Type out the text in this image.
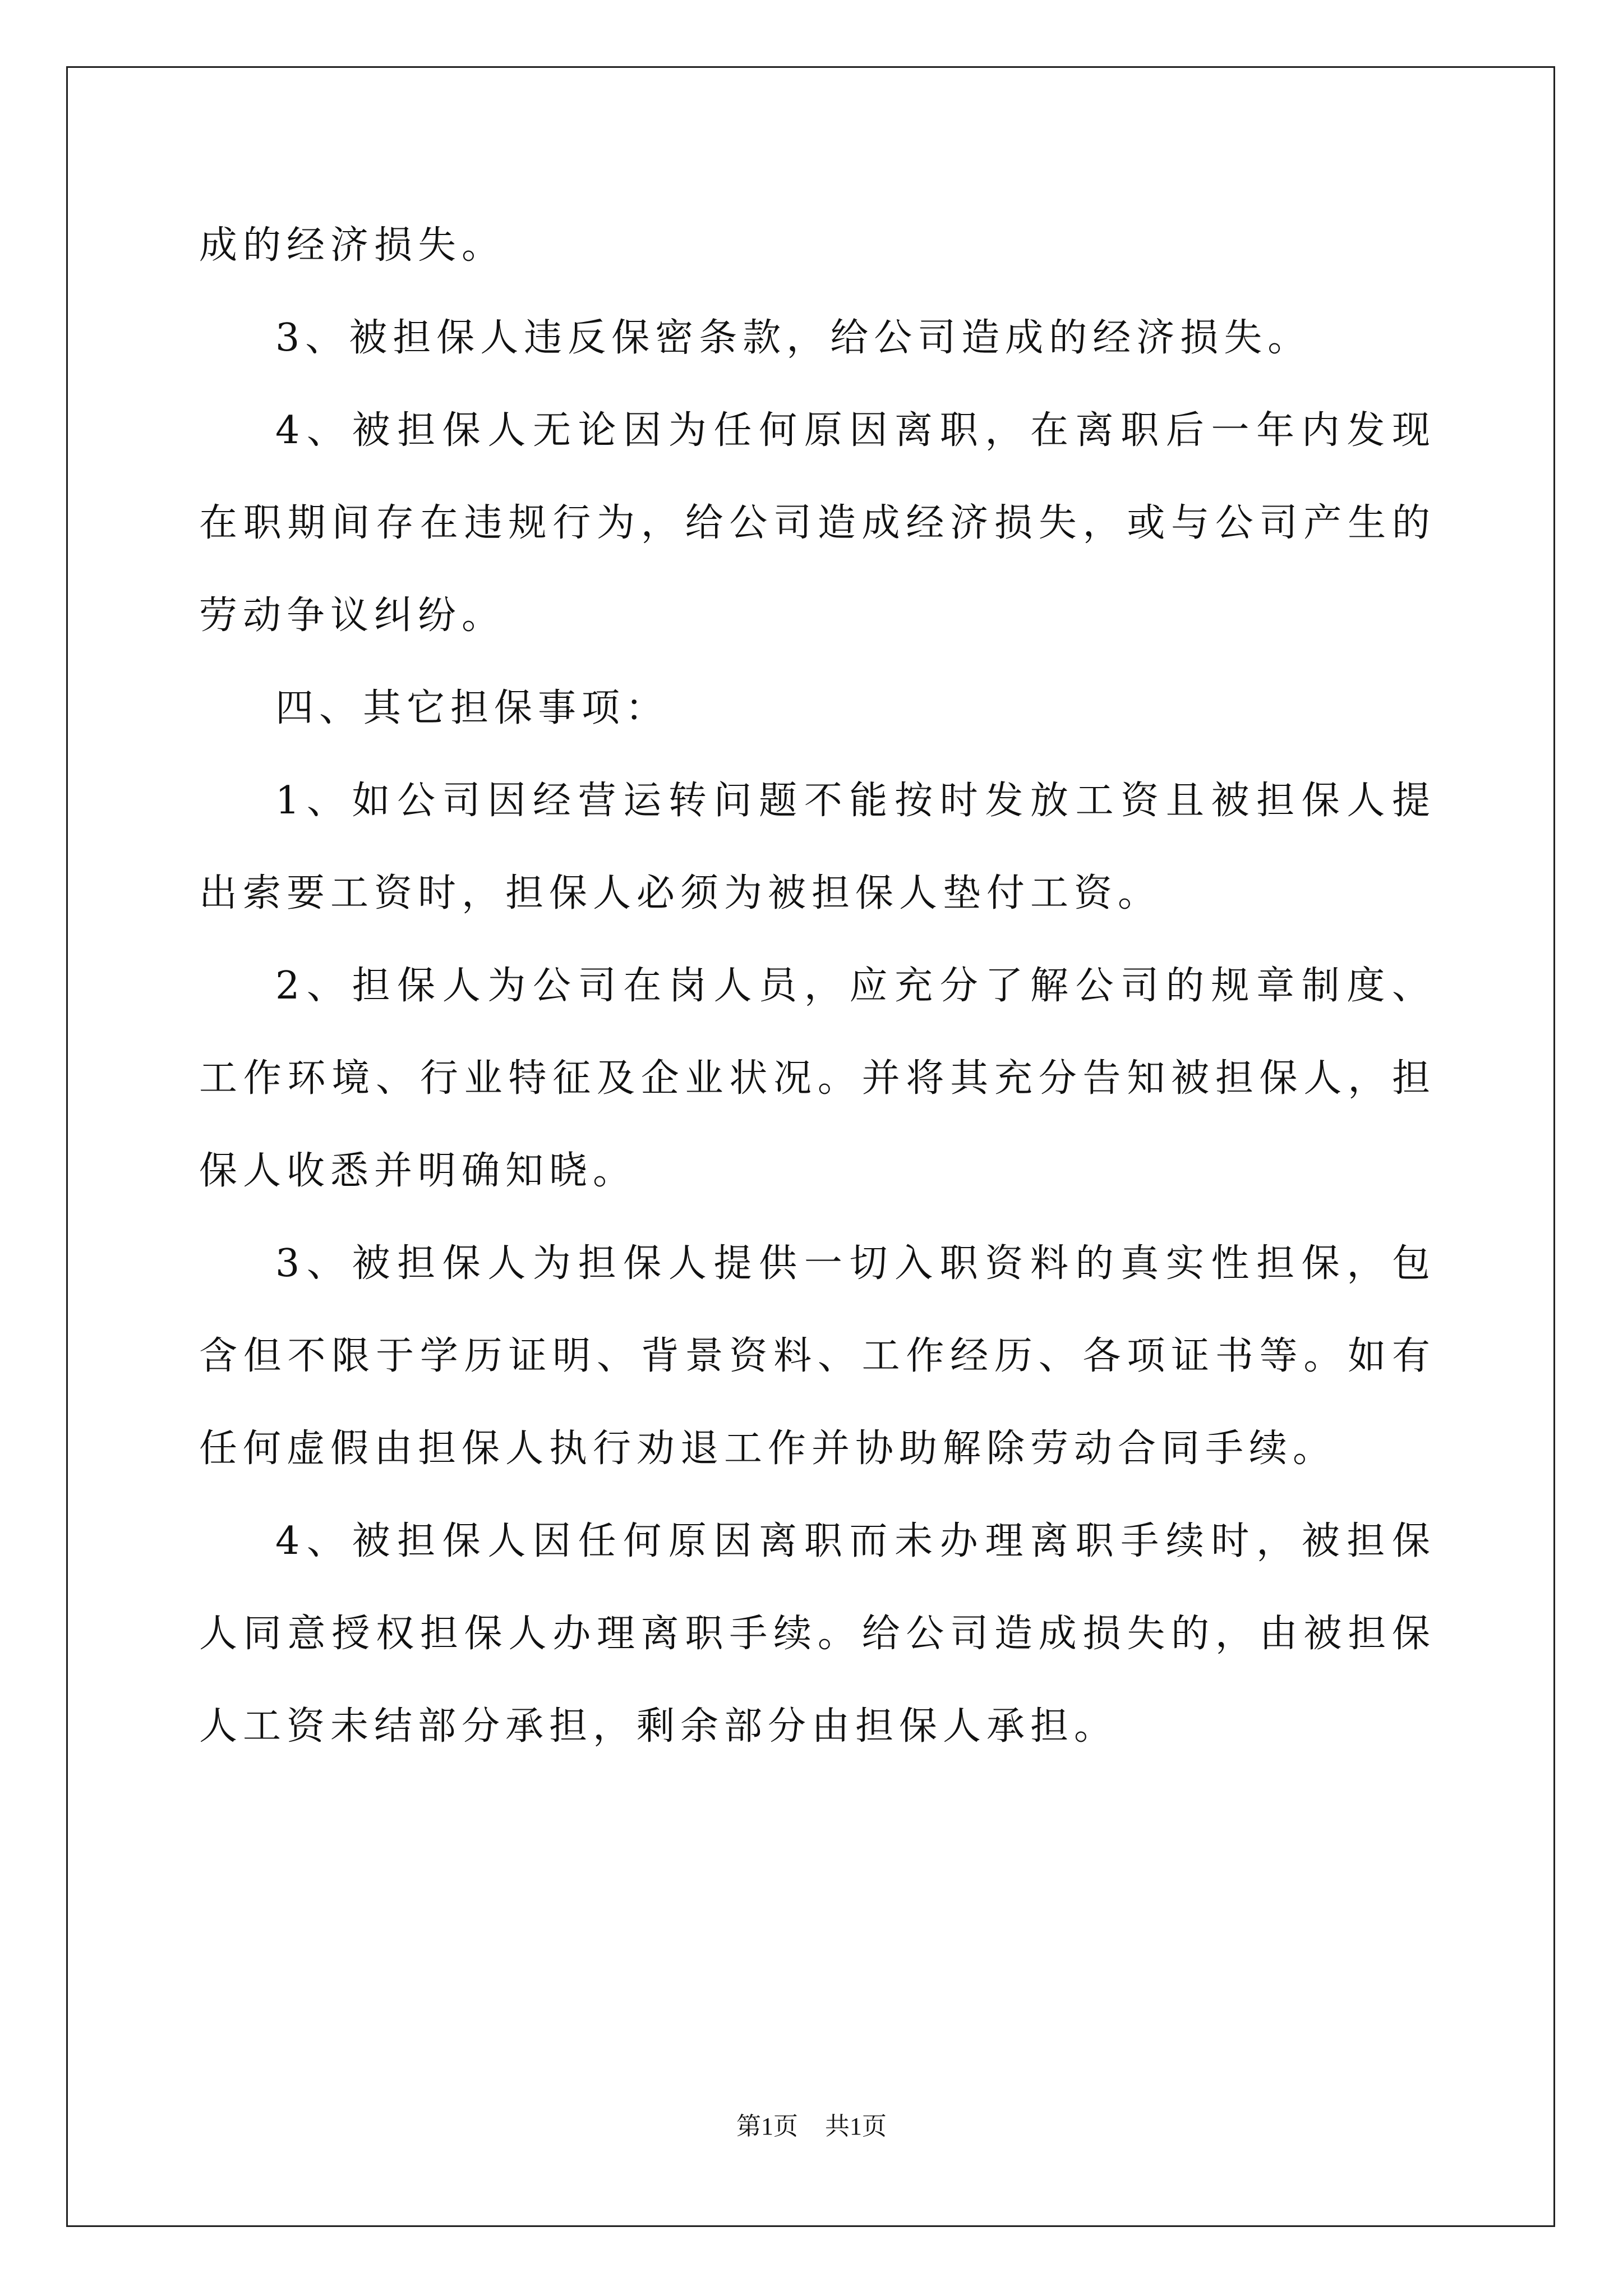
成的经济损失。

3、被担保人违反保密条款，给公司造成的经济损失。

4、被担保人无论因为任何原因离职，在离职后一年内发现在职期间存在违规行为，给公司造成经济损失，或与公司产生的劳动争议纠纷。

四、其它担保事项：

1、如公司因经营运转问题不能按时发放工资且被担保人提出索要工资时，担保人必须为被担保人垫付工资。

2、担保人为公司在岗人员，应充分了解公司的规章制度、工作环境、行业特征及企业状况。并将其充分告知被担保人，担保人收悉并明确知晓。

3、被担保人为担保人提供一切入职资料的真实性担保，包含但不限于学历证明、背景资料、工作经历、各项证书等。如有任何虚假由担保人执行劝退工作并协助解除劳动合同手续。

4、被担保人因任何原因离职而未办理离职手续时，被担保人同意授权担保人办理离职手续。给公司造成损失的，由被担保人工资未结部分承担，剩余部分由担保人承担。

第1页 共1页
